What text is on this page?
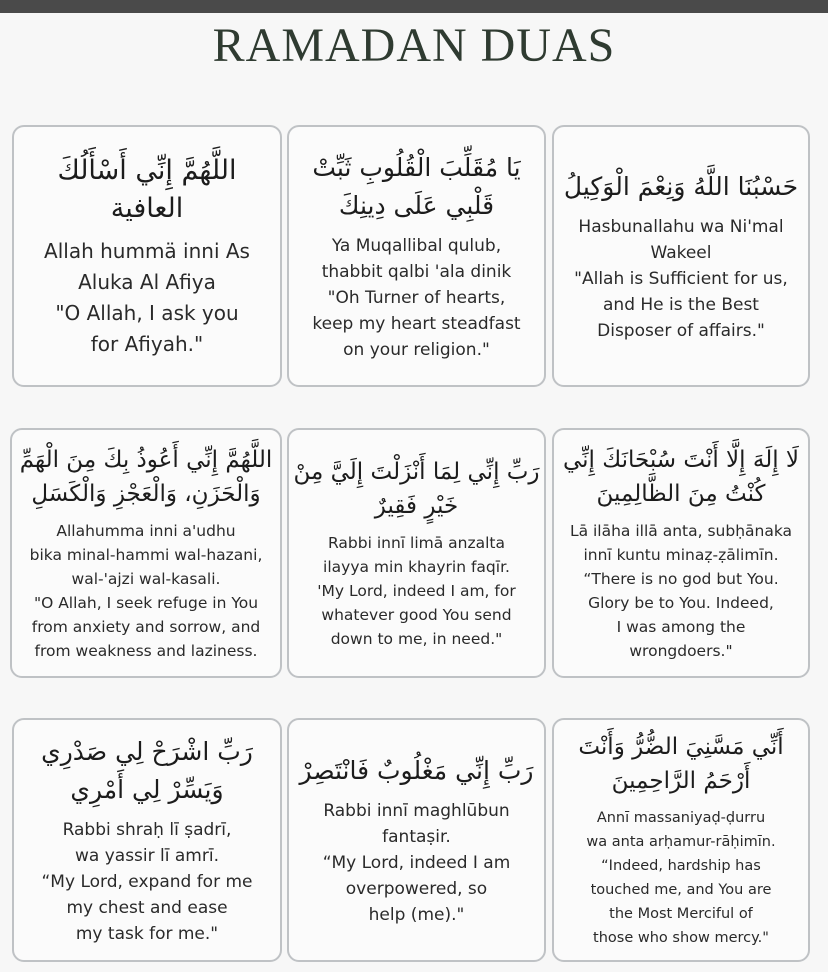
RAMADAN DUAS
اللَّهُمَّ إِنِّي أَسْأَلُكَ العافية
Allah hummä inni As
Aluka Al Afiya
"O Allah, I ask you
for Afiyah."
يَا مُقَلِّبَ الْقُلُوبِ ثَبِّتْ قَلْبِي عَلَى دِينِكَ
Ya Muqallibal qulub,
thabbit qalbi 'ala dinik
"Oh Turner of hearts,
keep my heart steadfast
on your religion."
حَسْبُنَا اللَّهُ وَنِعْمَ الْوَكِيلُ
Hasbunallahu wa Ni'mal
Wakeel
"Allah is Sufficient for us,
and He is the Best
Disposer of affairs."
اللَّهُمَّ إِنِّي أَعُوذُ بِكَ مِنَ الْهَمِّ وَالْحَزَنِ، وَالْعَجْزِ وَالْكَسَلِ
Allahumma inni a'udhu
bika minal-hammi wal-hazani,
wal-'ajzi wal-kasali.
"O Allah, I seek refuge in You
from anxiety and sorrow, and
from weakness and laziness.
رَبِّ إِنِّي لِمَا أَنْزَلْتَ إِلَيَّ مِنْ خَيْرٍ فَقِيرٌ
Rabbi innī limā anzalta
ilayya min khayrin faqīr.
'My Lord, indeed I am, for
whatever good You send
down to me, in need."
لَا إِلَهَ إِلَّا أَنْتَ سُبْحَانَكَ إِنِّي كُنْتُ مِنَ الظَّالِمِينَ
Lā ilāha illā anta, subḥānaka
innī kuntu minaẓ-ẓālimīn.
“There is no god but You.
Glory be to You. Indeed,
I was among the
wrongdoers."
رَبِّ اشْرَحْ لِي صَدْرِي وَيَسِّرْ لِي أَمْرِي
Rabbi shraḥ lī ṣadrī,
wa yassir lī amrī.
“My Lord, expand for me
my chest and ease
my task for me."
رَبِّ إِنِّي مَغْلُوبٌ فَانْتَصِرْ
Rabbi innī maghlūbun
fantaṣir.
“My Lord, indeed I am
overpowered, so
help (me)."
أَنِّي مَسَّنِيَ الضُّرُّ وَأَنْتَ أَرْحَمُ الرَّاحِمِينَ
Annī massaniyaḍ-ḍurru
wa anta arḥamur-rāḥimīn.
“Indeed, hardship has
touched me, and You are
the Most Merciful of
those who show mercy."
